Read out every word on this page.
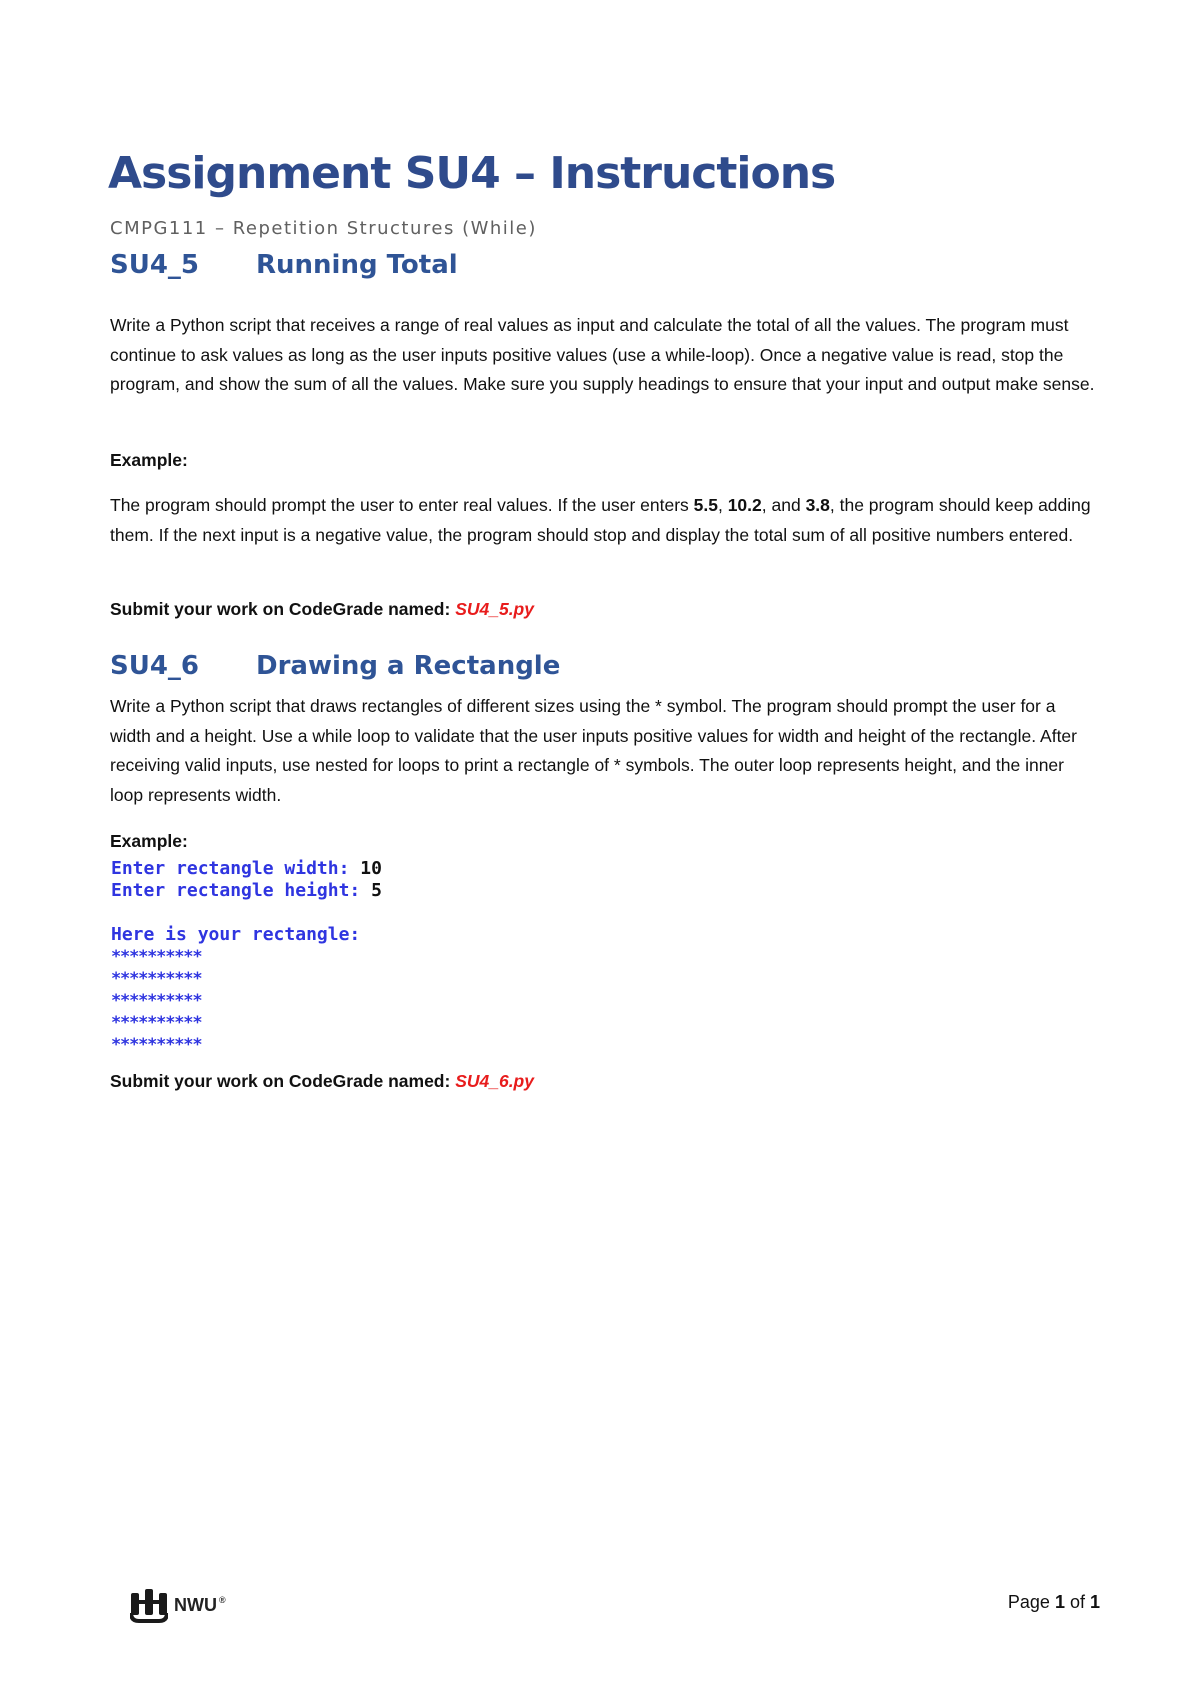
Assignment SU4 – Instructions

CMPG111 – Repetition Structures (While)

SU4_5 Running Total

Write a Python script that receives a range of real values as input and calculate the total of all the values. The program must continue to ask values as long as the user inputs positive values (use a while-loop). Once a negative value is read, stop the program, and show the sum of all the values. Make sure you supply headings to ensure that your input and output make sense.

Example:

The program should prompt the user to enter real values. If the user enters 5.5, 10.2, and 3.8, the program should keep adding them. If the next input is a negative value, the program should stop and display the total sum of all positive numbers entered.

Submit your work on CodeGrade named: SU4_5.py

SU4_6 Drawing a Rectangle

Write a Python script that draws rectangles of different sizes using the * symbol. The program should prompt the user for a width and a height. Use a while loop to validate that the user inputs positive values for width and height of the rectangle. After receiving valid inputs, use nested for loops to print a rectangle of * symbols. The outer loop represents height, and the inner loop represents width.

Example:

Enter rectangle width: 10
Enter rectangle height: 5
Here is your rectangle:
**********
**********
**********
**********
**********

Submit your work on CodeGrade named: SU4_6.py

NWU ®	Page 1 of 1
